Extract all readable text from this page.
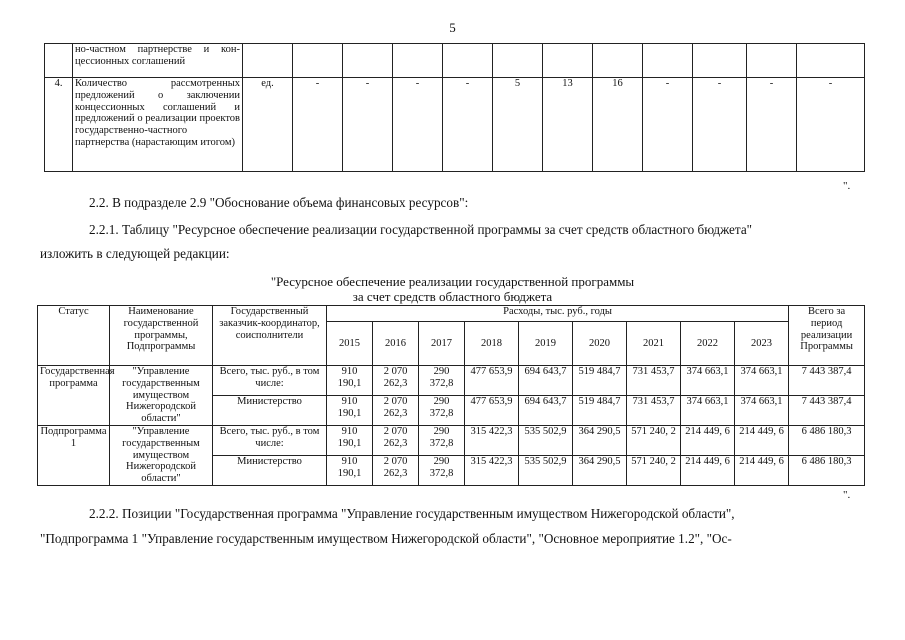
5
	но-частном партнерстве и кон-цессионных соглашений												
4.	Количество рассмотренных предложений о заключении концессионных соглашений и предложений о реализации проектов государственно-частного партнерства (нарастающим итогом)	ед.	-	-	-	-	5	13	16	-	-	-	-
".
2.2. В подразделе 2.9 "Обоснование объема финансовых ресурсов":
2.2.1. Таблицу "Ресурсное обеспечение реализации государственной программы за счет средств областного бюджета"
изложить в следующей редакции:
"Ресурсное обеспечение реализации государственной программы
за счет средств областного бюджета
Статус	Наименование государственной программы, Подпрограммы	Государственный заказчик-координатор, соисполнители	Расходы, тыс. руб., годы									Всего за период реализации Программы
			2015	2016	2017	2018	2019	2020	2021	2022	2023	
Государственная программа	"Управление государственным имуществом Нижегородской области"	Всего, тыс. руб., в том числе:	910 190,1	2 070 262,3	290 372,8	477 653,9	694 643,7	519 484,7	731 453,7	374 663,1	374 663,1	7 443 387,4
		Министерство	910 190,1	2 070 262,3	290 372,8	477 653,9	694 643,7	519 484,7	731 453,7	374 663,1	374 663,1	7 443 387,4
Подпрограмма 1	"Управление государственным имуществом Нижегородской области"	Всего, тыс. руб., в том числе:	910 190,1	2 070 262,3	290 372,8	315 422,3	535 502,9	364 290,5	571 240, 2	214 449, 6	214 449, 6	6 486 180,3
		Министерство	910 190,1	2 070 262,3	290 372,8	315 422,3	535 502,9	364 290,5	571 240, 2	214 449, 6	214 449, 6	6 486 180,3
".
2.2.2. Позиции "Государственная программа "Управление государственным имуществом Нижегородской области",
"Подпрограмма 1 "Управление государственным имуществом Нижегородской области", "Основное мероприятие 1.2", "Ос-
